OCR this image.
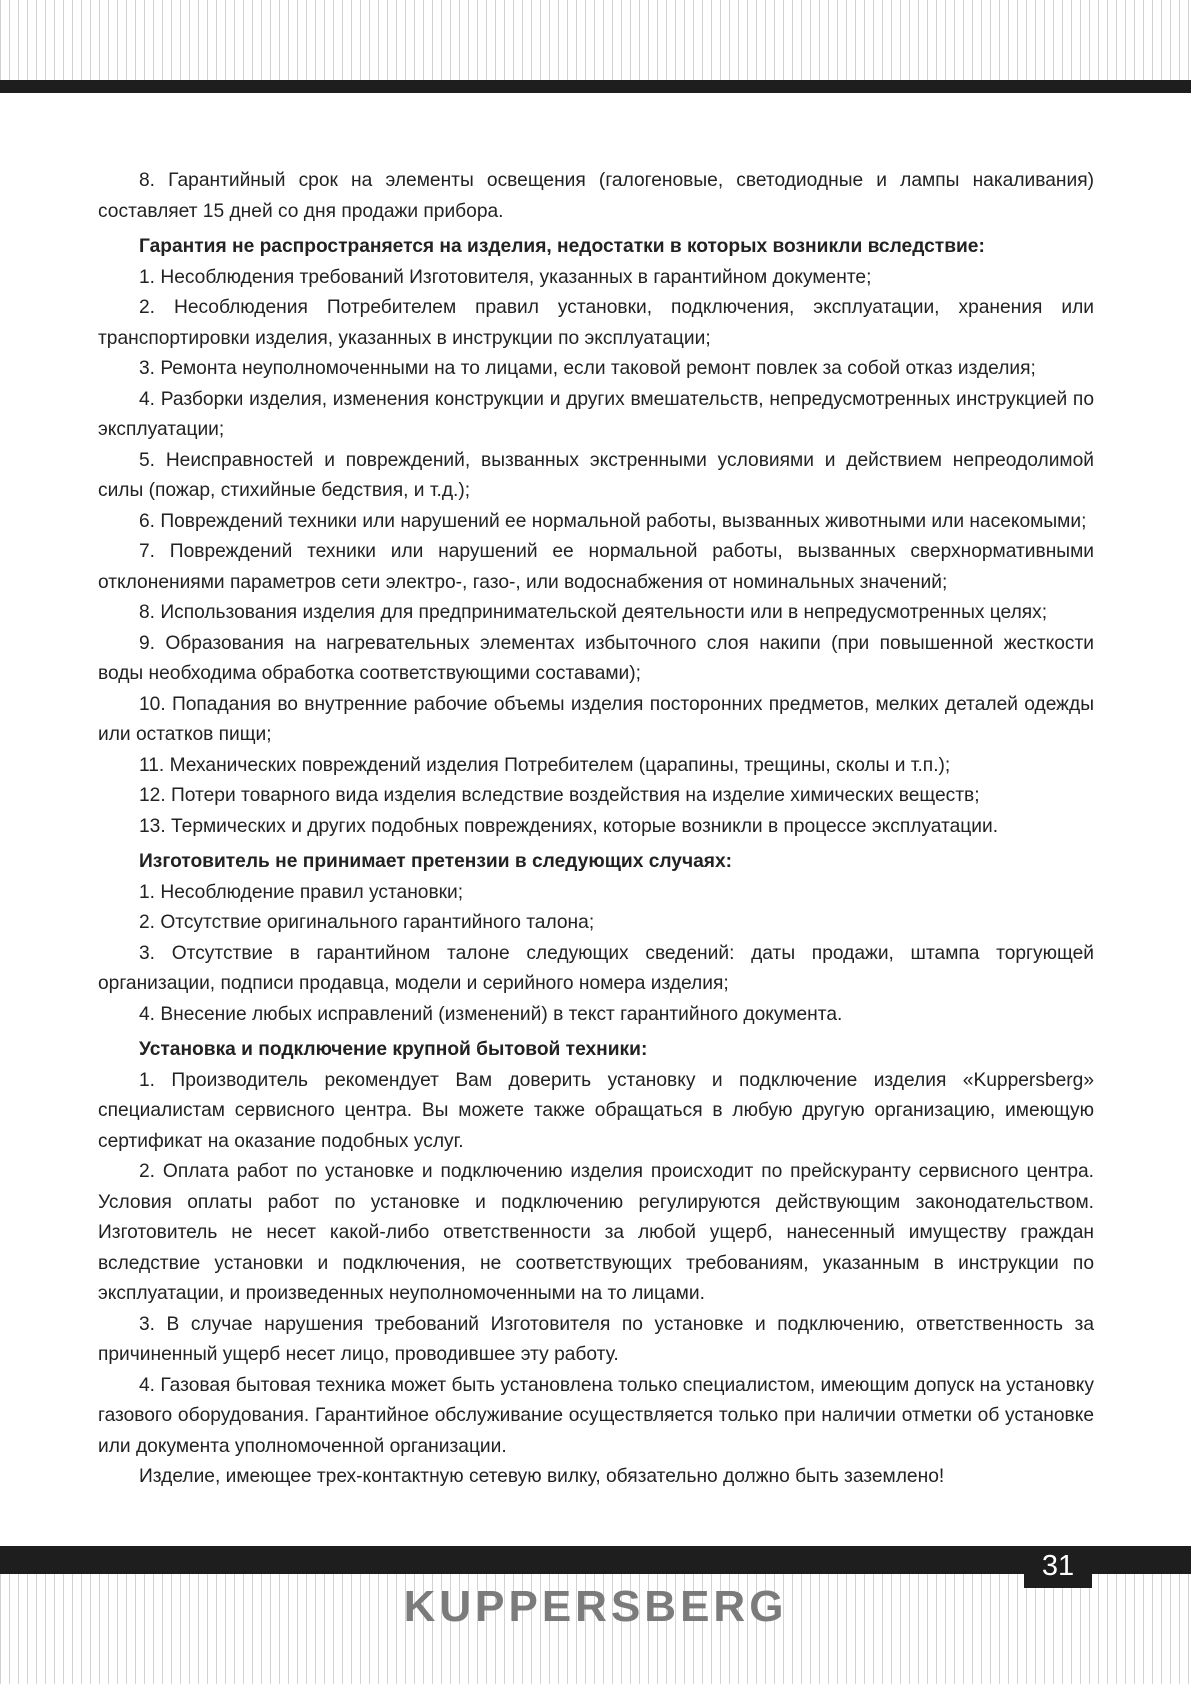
8. Гарантийный срок на элементы освещения (галогеновые, светодиодные и лампы накаливания) составляет 15 дней со дня продажи прибора.

Гарантия не распространяется на изделия, недостатки в которых возникли вследствие:

1. Несоблюдения требований Изготовителя, указанных в гарантийном документе;

2. Несоблюдения Потребителем правил установки, подключения, эксплуатации, хранения или транспортировки изделия, указанных в инструкции по эксплуатации;

3. Ремонта неуполномоченными на то лицами, если таковой ремонт повлек за собой отказ изделия;

4. Разборки изделия, изменения конструкции и других вмешательств, непредусмотренных инструкцией по эксплуатации;

5. Неисправностей и повреждений, вызванных экстренными условиями и действием непреодолимой силы (пожар, стихийные бедствия, и т.д.);

6. Повреждений техники или нарушений ее нормальной работы, вызванных животными или насекомыми;

7. Повреждений техники или нарушений ее нормальной работы, вызванных сверхнормативными отклонениями параметров сети электро-, газо-, или водоснабжения от номинальных значений;

8. Использования изделия для предпринимательской деятельности или в непредусмотренных целях;

9. Образования на нагревательных элементах избыточного слоя накипи (при повышенной жесткости воды необходима обработка соответствующими составами);

10. Попадания во внутренние рабочие объемы изделия посторонних предметов, мелких деталей одежды или остатков пищи;

11. Механических повреждений изделия Потребителем (царапины, трещины, сколы и т.п.);

12. Потери товарного вида изделия вследствие воздействия на изделие химических веществ;

13. Термических и других подобных повреждениях, которые возникли в процессе эксплуатации.

Изготовитель не принимает претензии в следующих случаях:

1. Несоблюдение правил установки;

2. Отсутствие оригинального гарантийного талона;

3. Отсутствие в гарантийном талоне следующих сведений: даты продажи, штампа торгующей организации, подписи продавца, модели и серийного номера изделия;

4. Внесение любых исправлений (изменений) в текст гарантийного документа.

Установка и подключение крупной бытовой техники:

1. Производитель рекомендует Вам доверить установку и подключение изделия «Kuppersberg» специалистам сервисного центра. Вы можете также обращаться в любую другую организацию, имеющую сертификат на оказание подобных услуг.

2. Оплата работ по установке и подключению изделия происходит по прейскуранту сервисного центра. Условия оплаты работ по установке и подключению регулируются действующим законодательством. Изготовитель не несет какой-либо ответственности за любой ущерб, нанесенный имуществу граждан вследствие установки и подключения, не соответствующих требованиям, указанным в инструкции по эксплуатации, и произведенных неуполномоченными на то лицами.

3. В случае нарушения требований Изготовителя по установке и подключению, ответственность за причиненный ущерб несет лицо, проводившее эту работу.

4. Газовая бытовая техника может быть установлена только специалистом, имеющим допуск на установку газового оборудования. Гарантийное обслуживание осуществляется только при наличии отметки об установке или документа уполномоченной организации.

Изделие, имеющее трех-контактную сетевую вилку, обязательно должно быть заземлено!

31
KUPPERSBERG
